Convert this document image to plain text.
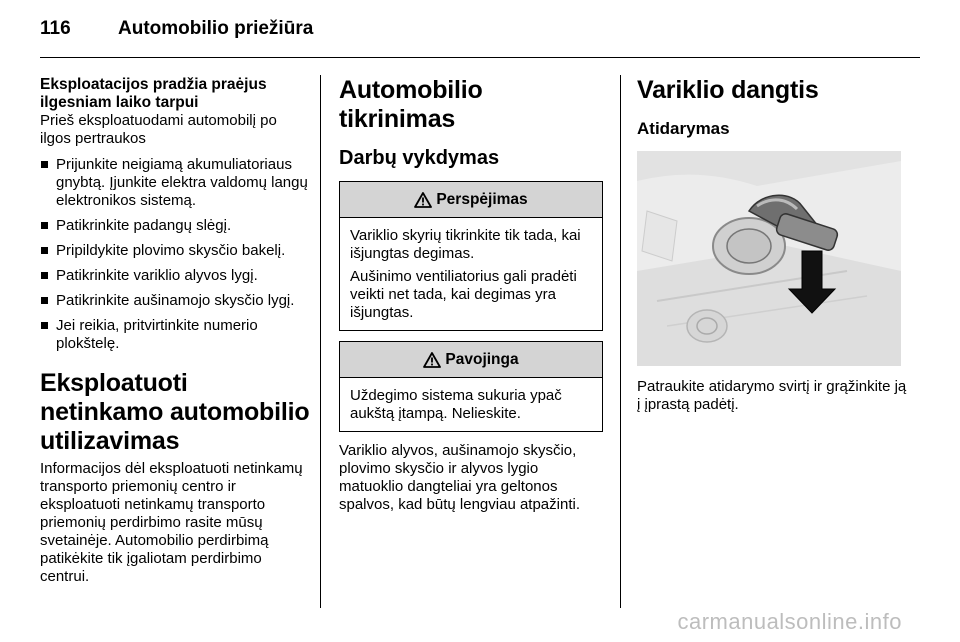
116 Automobilio priežiūra
Eksploatacijos pradžia praėjus ilgesniam laiko tarpui
Prieš eksploatuodami automobilį po ilgos pertraukos
Prijunkite neigiamą akumuliatoriaus gnybtą. Įjunkite elektra valdomų langų elektronikos sistemą.
Patikrinkite padangų slėgį.
Pripildykite plovimo skysčio bakelį.
Patikrinkite variklio alyvos lygį.
Patikrinkite aušinamojo skysčio lygį.
Jei reikia, pritvirtinkite numerio plokštelę.
Eksploatuoti netinkamo automobilio utilizavimas
Informacijos dėl eksploatuoti netinkamų transporto priemonių centro ir eksploatuoti netinkamų transporto priemonių perdirbimo rasite mūsų svetainėje. Automobilio perdirbimą patikėkite tik įgaliotam perdirbimo centrui.
Automobilio tikrinimas
Darbų vykdymas
Perspėjimas
Variklio skyrių tikrinkite tik tada, kai išjungtas degimas.
Aušinimo ventiliatorius gali pradėti veikti net tada, kai degimas yra išjungtas.
Pavojinga
Uždegimo sistema sukuria ypač aukštą įtampą. Nelieskite.
Variklio alyvos, aušinamojo skysčio, plovimo skysčio ir alyvos lygio matuoklio dangteliai yra geltonos spalvos, kad būtų lengviau atpažinti.
Variklio dangtis
Atidarymas
Patraukite atidarymo svirtį ir grąžinkite ją į įprastą padėtį.
carmanualsonline.info
